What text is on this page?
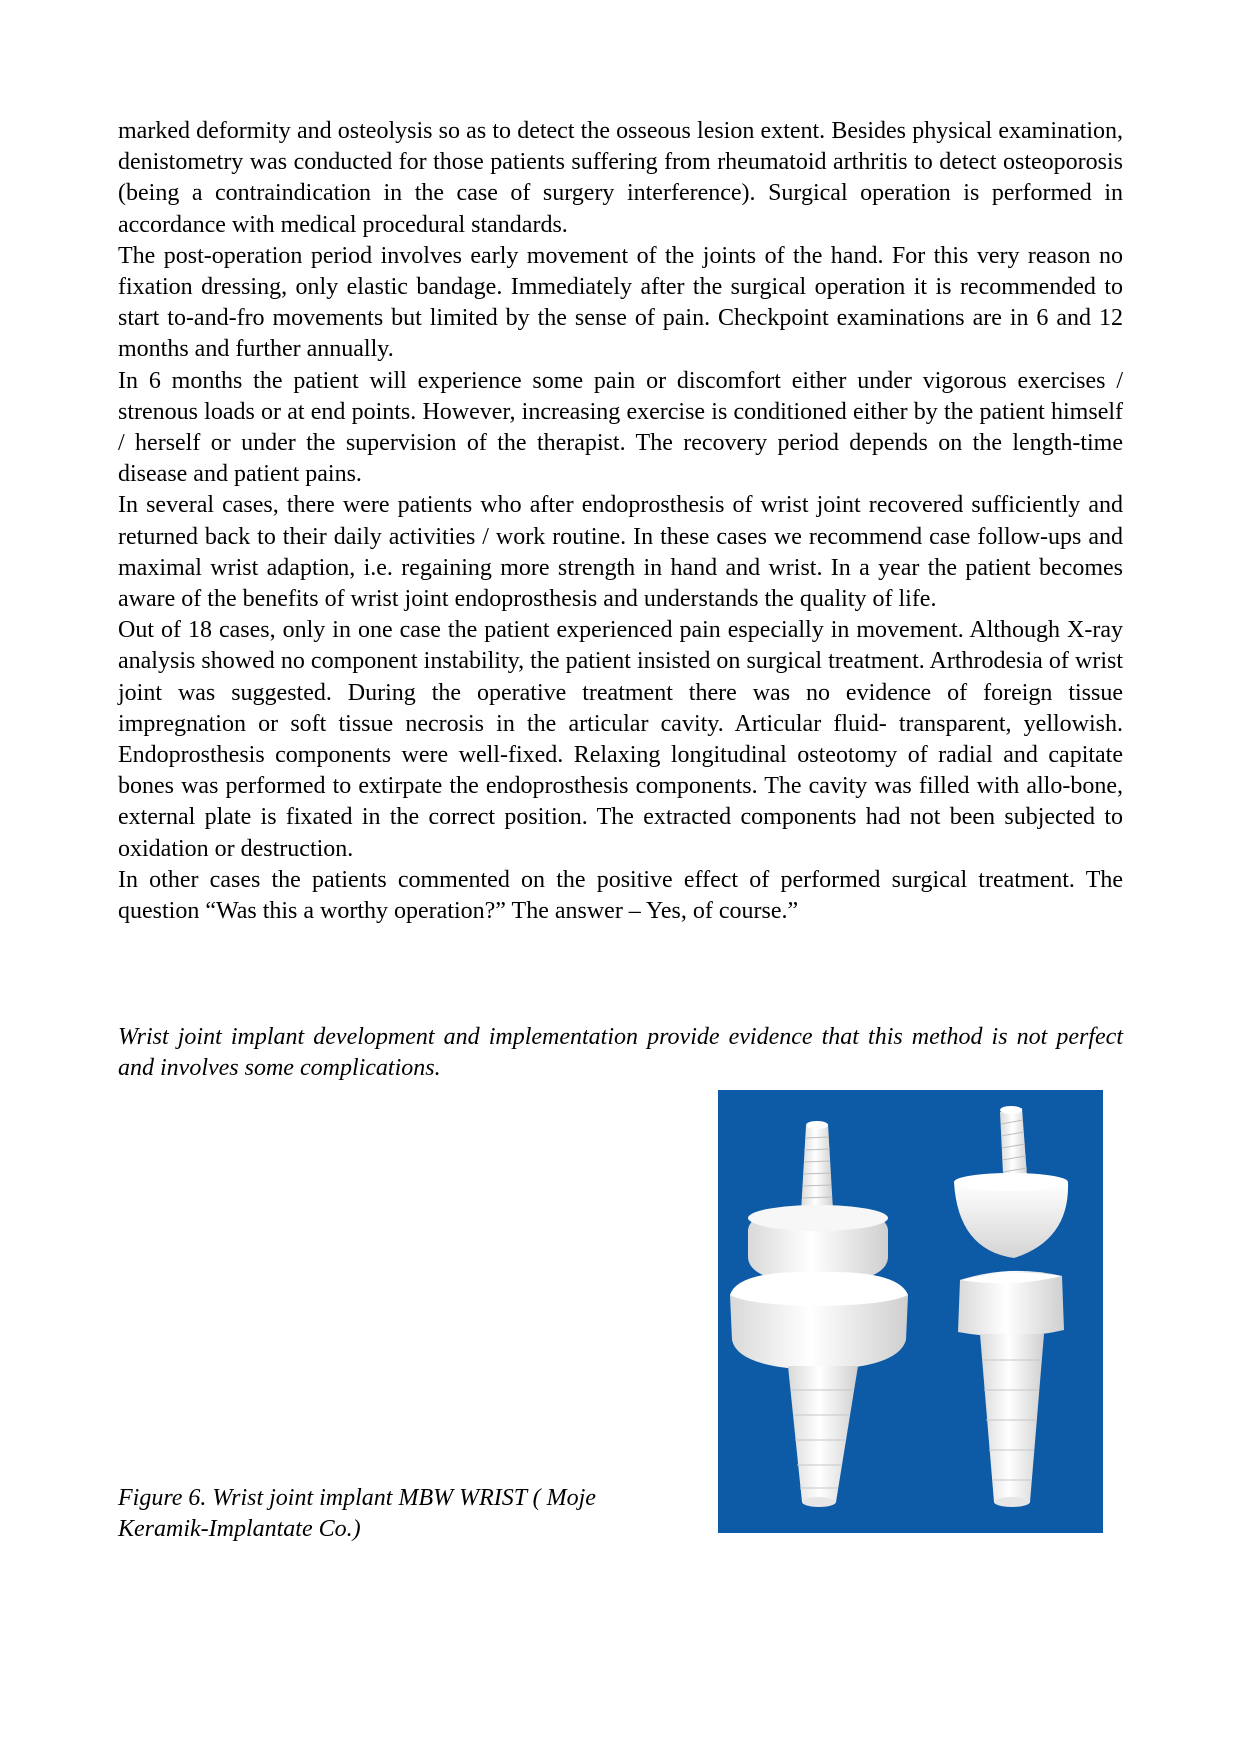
marked deformity and osteolysis so as to detect the osseous lesion extent. Besides physical examination, denistometry was conducted for those patients suffering from rheumatoid arthritis to detect osteoporosis (being a contraindication in the case of surgery interference). Surgical operation is performed in accordance with medical procedural standards.

The post-operation period involves early movement of the joints of the hand. For this very reason no fixation dressing, only elastic bandage. Immediately after the surgical operation it is recommended to start to-and-fro movements but limited by the sense of pain. Checkpoint examinations are in 6 and 12 months and further annually.

In 6 months the patient will experience some pain or discomfort either under vigorous exercises / strenous loads or at end points. However, increasing exercise is conditioned either by the patient himself / herself or under the supervision of the therapist. The recovery period depends on the length-time disease and patient pains.

In several cases, there were patients who after endoprosthesis of wrist joint recovered sufficiently and returned back to their daily activities / work routine. In these cases we recommend case follow-ups and maximal wrist adaption, i.e. regaining more strength in hand and wrist. In a year the patient becomes aware of the benefits of wrist joint endoprosthesis and understands the quality of life.

Out of 18 cases, only in one case the patient experienced pain especially in movement. Although X-ray analysis showed no component instability, the patient insisted on surgical treatment. Arthrodesia of wrist joint was suggested. During the operative treatment there was no evidence of foreign tissue impregnation or soft tissue necrosis in the articular cavity. Articular fluid- transparent, yellowish. Endoprosthesis components were well-fixed. Relaxing longitudinal osteotomy of radial and capitate bones was performed to extirpate the endoprosthesis components. The cavity was filled with allo-bone, external plate is fixated in the correct position. The extracted components had not been subjected to oxidation or destruction.

In other cases the patients commented on the positive effect of performed surgical treatment. The question “Was this a worthy operation?” The answer – Yes, of course.”

Wrist joint implant development and implementation provide evidence that this method is not perfect and involves some complications.

Figure 6. Wrist joint implant MBW WRIST ( Moje Keramik-Implantate Co.)
